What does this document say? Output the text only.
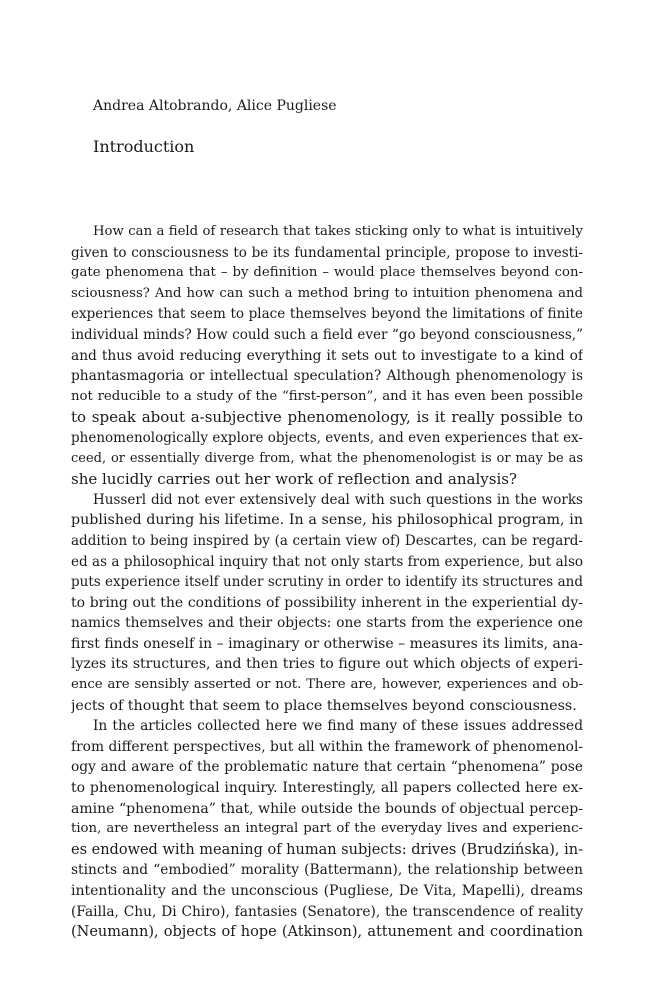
Andrea Altobrando, Alice Pugliese
Introduction
How can a field of research that takes sticking only to what is intuitively
given to consciousness to be its fundamental principle, propose to investi-
gate phenomena that – by definition – would place themselves beyond con-
sciousness? And how can such a method bring to intuition phenomena and
experiences that seem to place themselves beyond the limitations of finite
individual minds? How could such a field ever “go beyond consciousness,”
and thus avoid reducing everything it sets out to investigate to a kind of
phantasmagoria or intellectual speculation? Although phenomenology is
not reducible to a study of the “first-person”, and it has even been possible
to speak about a-subjective phenomenology, is it really possible to
phenomenologically explore objects, events, and even experiences that ex-
ceed, or essentially diverge from, what the phenomenologist is or may be as
she lucidly carries out her work of reflection and analysis?
Husserl did not ever extensively deal with such questions in the works
published during his lifetime. In a sense, his philosophical program, in
addition to being inspired by (a certain view of) Descartes, can be regard-
ed as a philosophical inquiry that not only starts from experience, but also
puts experience itself under scrutiny in order to identify its structures and
to bring out the conditions of possibility inherent in the experiential dy-
namics themselves and their objects: one starts from the experience one
first finds oneself in – imaginary or otherwise – measures its limits, ana-
lyzes its structures, and then tries to figure out which objects of experi-
ence are sensibly asserted or not. There are, however, experiences and ob-
jects of thought that seem to place themselves beyond consciousness.
In the articles collected here we find many of these issues addressed
from different perspectives, but all within the framework of phenomenol-
ogy and aware of the problematic nature that certain “phenomena” pose
to phenomenological inquiry. Interestingly, all papers collected here ex-
amine “phenomena” that, while outside the bounds of objectual percep-
tion, are nevertheless an integral part of the everyday lives and experienc-
es endowed with meaning of human subjects: drives (Brudzińska), in-
stincts and “embodied” morality (Battermann), the relationship between
intentionality and the unconscious (Pugliese, De Vita, Mapelli), dreams
(Failla, Chu, Di Chiro), fantasies (Senatore), the transcendence of reality
(Neumann), objects of hope (Atkinson), attunement and coordination
